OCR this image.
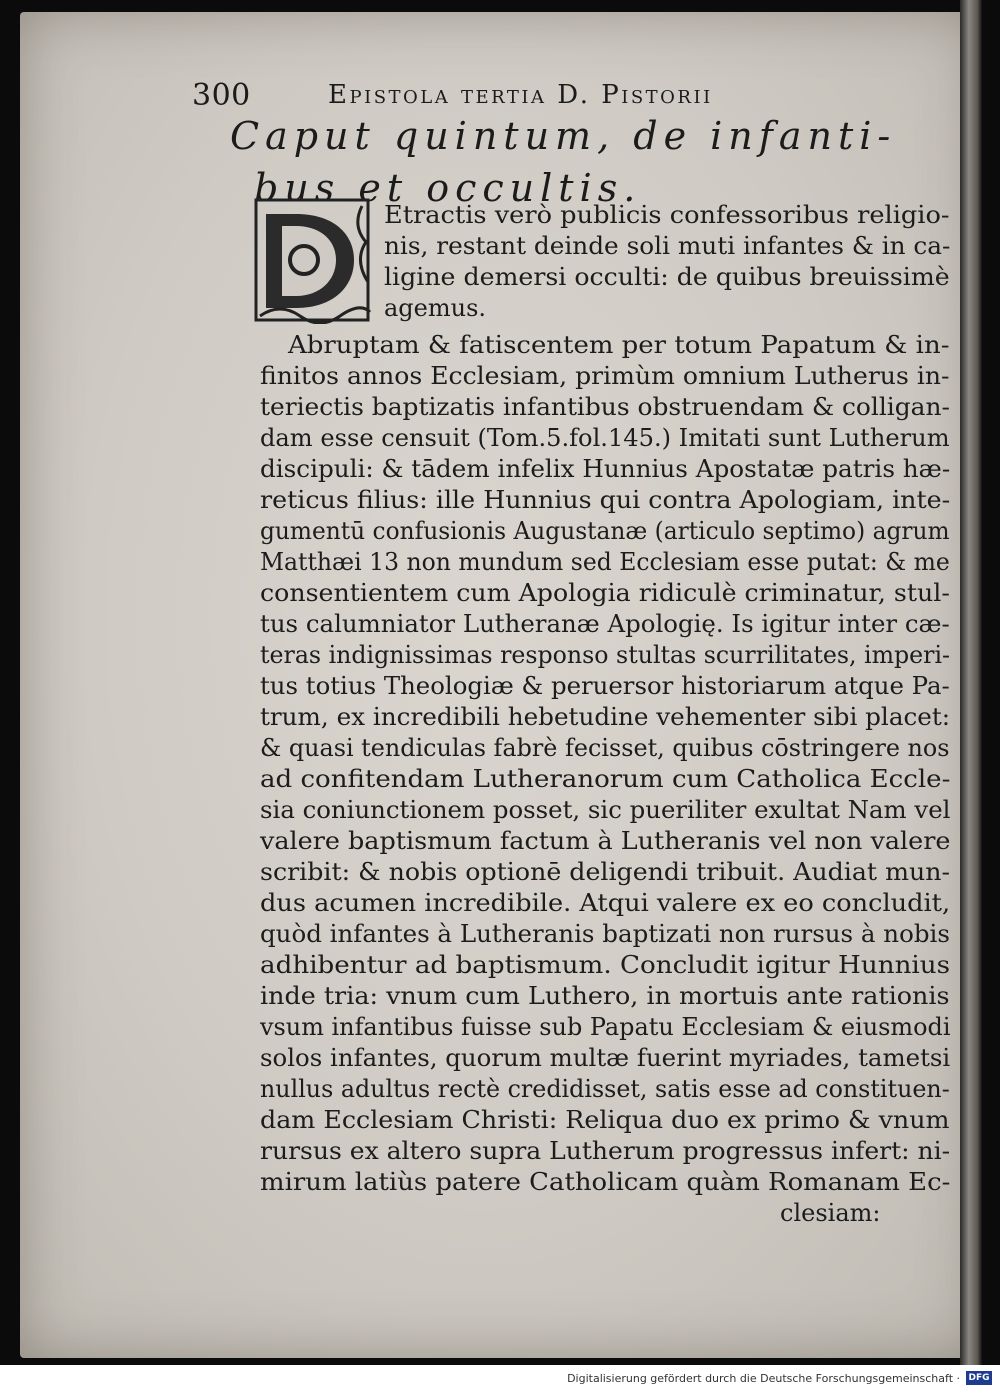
300	Epistola tertia D. Pistorii

Caput quintum, de infanti-

bus et occultis.

Etractis verò publicis confessoribus religio-
nis, restant deinde soli muti infantes & in ca-
ligine demersi occulti: de quibus breuissimè
agemus.
Abruptam & fatiscentem per totum Papatum & in-
finitos annos Ecclesiam, primùm omnium Lutherus in-
teriectis baptizatis infantibus obstruendam & colligan-
dam esse censuit (Tom.5.fol.145.) Imitati sunt Lutherum
discipuli: & tādem infelix Hunnius Apostatæ patris hæ-
reticus filius: ille Hunnius qui contra Apologiam, inte-
gumentū confusionis Augustanæ (articulo septimo) agrum
Matthæi 13 non mundum sed Ecclesiam esse putat: & me
consentientem cum Apologia ridiculè criminatur, stul-
tus calumniator Lutheranæ Apologię. Is igitur inter cæ-
teras indignissimas responso stultas scurrilitates, imperi-
tus totius Theologiæ & peruersor historiarum atque Pa-
trum, ex incredibili hebetudine vehementer sibi placet:
& quasi tendiculas fabrè fecisset, quibus cōstringere nos
ad confitendam Lutheranorum cum Catholica Eccle-
sia coniunctionem posset, sic pueriliter exultat Nam vel
valere baptismum factum à Lutheranis vel non valere
scribit: & nobis optionē deligendi tribuit. Audiat mun-
dus acumen incredibile. Atqui valere ex eo concludit,
quòd infantes à Lutheranis baptizati non rursus à nobis
adhibentur ad baptismum. Concludit igitur Hunnius
inde tria: vnum cum Luthero, in mortuis ante rationis
vsum infantibus fuisse sub Papatu Ecclesiam & eiusmodi
solos infantes, quorum multæ fuerint myriades, tametsi
nullus adultus rectè credidisset, satis esse ad constituen-
dam Ecclesiam Christi: Reliqua duo ex primo & vnum
rursus ex altero supra Lutherum progressus infert: ni-
mirum latiùs patere Catholicam quàm Romanam Ec-
clesiam:
Digitalisierung gefördert durch die Deutsche Forschungsgemeinschaft · DFG
